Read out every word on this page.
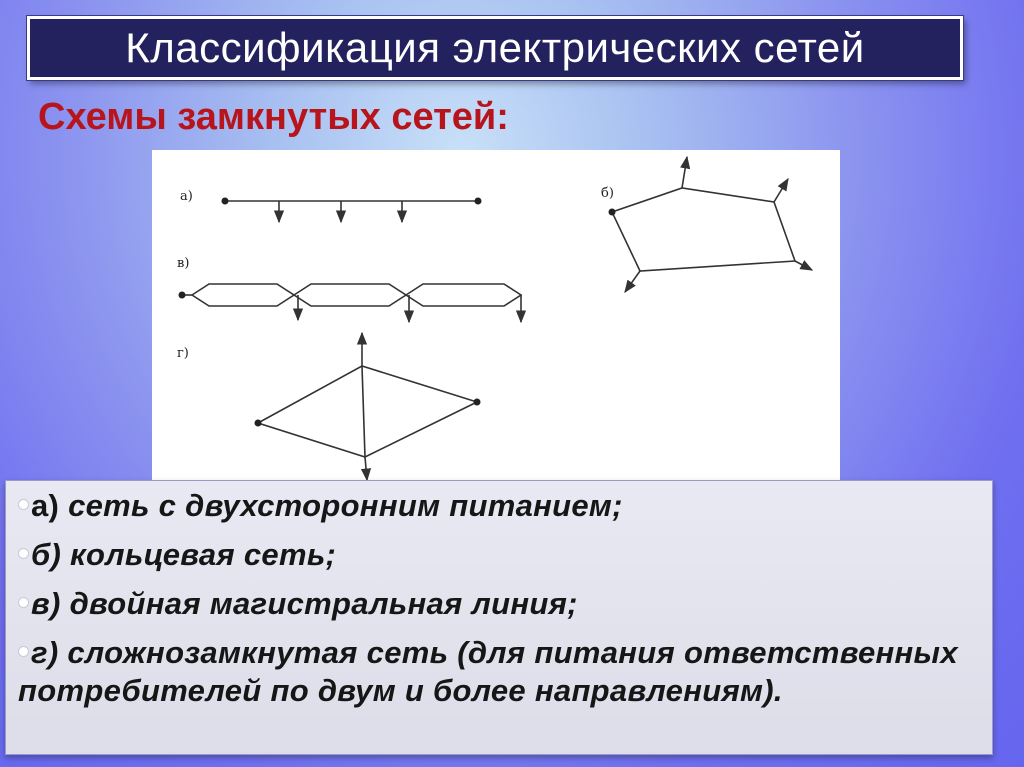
Классификация электрических сетей
Схемы замкнутых сетей:
а)	б)
в)
г)
а) сеть с двухсторонним питанием;
б) кольцевая сеть;
в) двойная магистральная линия;
г) сложнозамкнутая сеть (для питания ответственных потребителей по двум и более направлениям).
